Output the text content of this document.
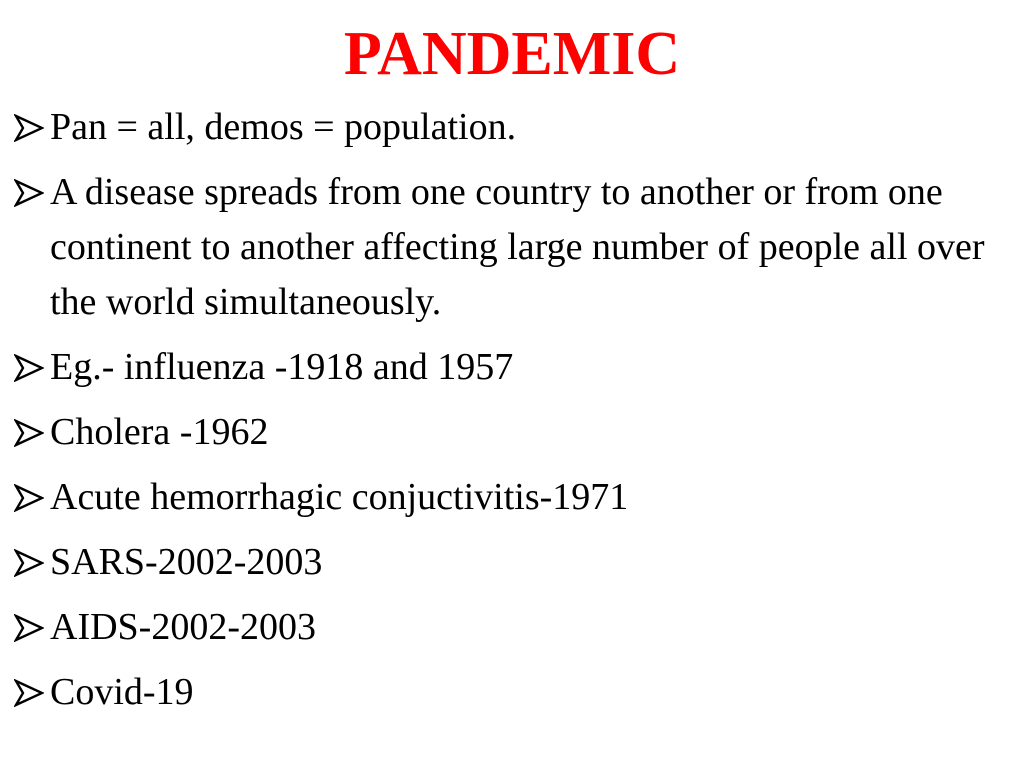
PANDEMIC
Pan = all, demos = population.
A disease spreads from one country to another or from one continent to another affecting large number of people all over the world simultaneously.
Eg.- influenza -1918 and 1957
Cholera -1962
Acute hemorrhagic conjuctivitis-1971
SARS-2002-2003
AIDS-2002-2003
Covid-19
